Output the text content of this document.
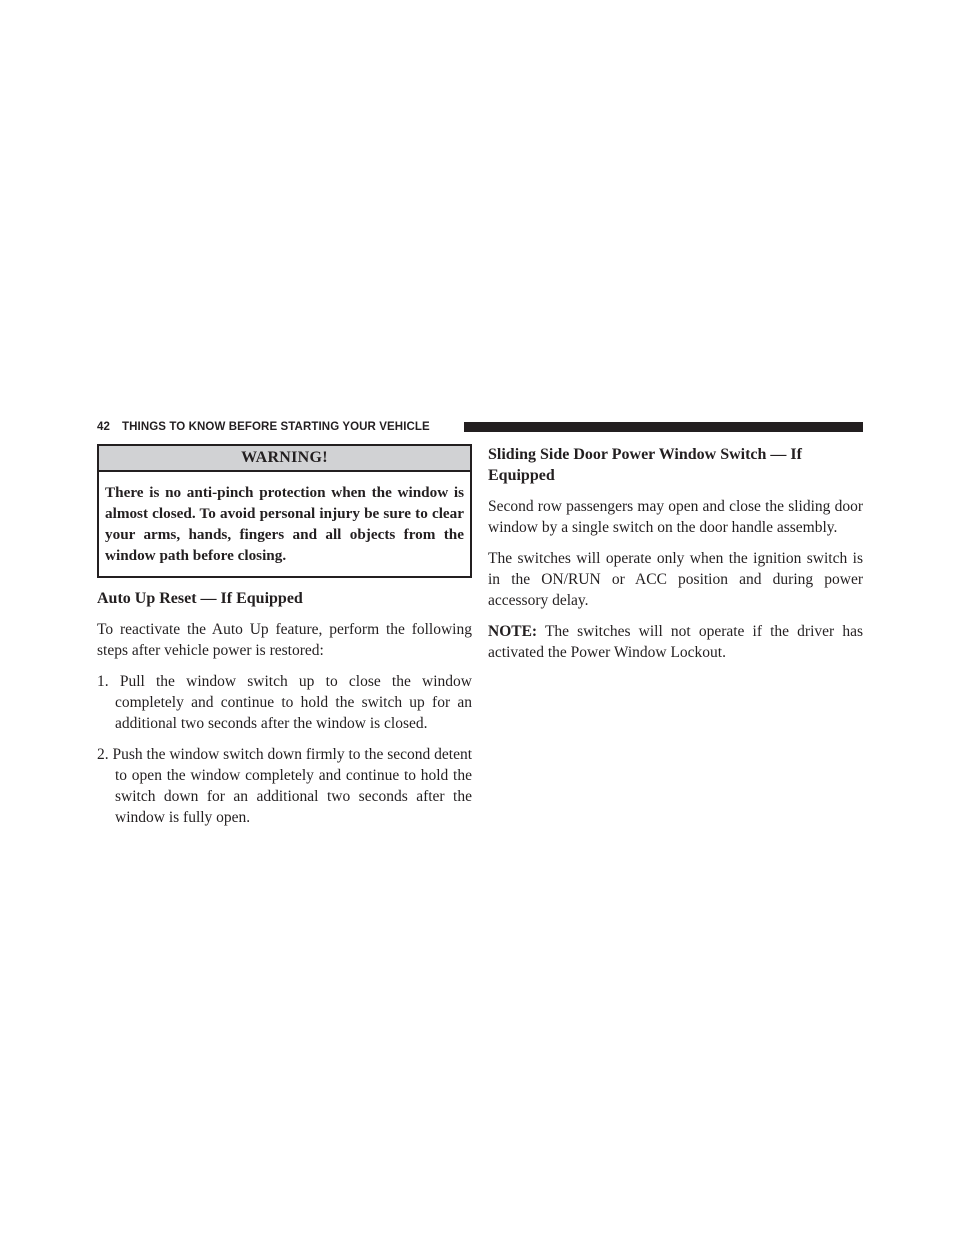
42 THINGS TO KNOW BEFORE STARTING YOUR VEHICLE
WARNING!
There is no anti-pinch protection when the window is almost closed. To avoid personal injury be sure to clear your arms, hands, fingers and all objects from the window path before closing.
Auto Up Reset — If Equipped

To reactivate the Auto Up feature, perform the following steps after vehicle power is restored:

1. Pull the window switch up to close the window completely and continue to hold the switch up for an additional two seconds after the window is closed.
2. Push the window switch down firmly to the second detent to open the window completely and continue to hold the switch down for an additional two seconds after the window is fully open.
Sliding Side Door Power Window Switch — If Equipped

Second row passengers may open and close the sliding door window by a single switch on the door handle assembly.

The switches will operate only when the ignition switch is in the ON/RUN or ACC position and during power accessory delay.

NOTE: The switches will not operate if the driver has activated the Power Window Lockout.
